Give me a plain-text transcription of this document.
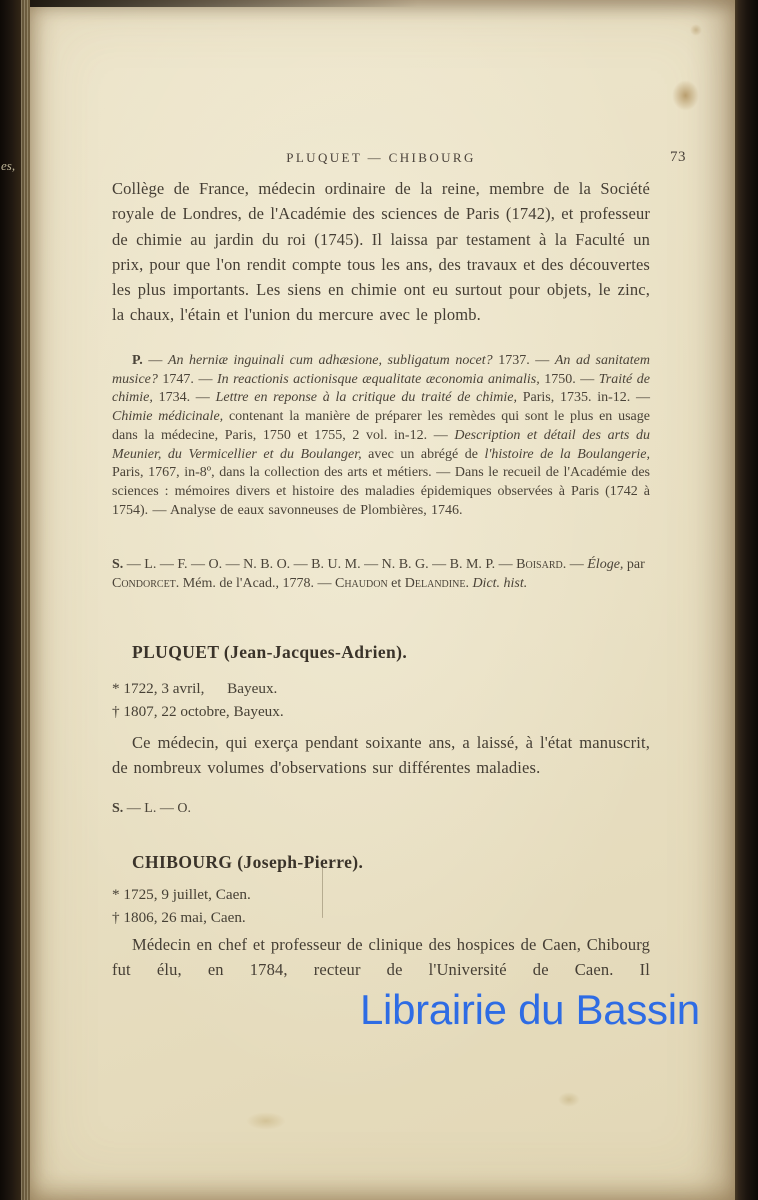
es,
PLUQUET — CHIBOURG	73

Collège de France, médecin ordinaire de la reine, membre de la Société royale de Londres, de l'Académie des sciences de Paris (1742), et professeur de chimie au jardin du roi (1745). Il laissa par testament à la Faculté un prix, pour que l'on rendit compte tous les ans, des travaux et des découvertes les plus importants. Les siens en chimie ont eu surtout pour objets, le zinc, la chaux, l'étain et l'union du mercure avec le plomb.

P. — An herniæ inguinali cum adhæsione, subligatum nocet? 1737. — An ad sanitatem musice? 1747. — In reactionis actionisque æqualitate æconomia animalis, 1750. — Traité de chimie, 1734. — Lettre en reponse à la critique du traité de chimie, Paris, 1735. in-12. — Chimie médicinale, contenant la manière de préparer les remèdes qui sont le plus en usage dans la médecine, Paris, 1750 et 1755, 2 vol. in-12. — Description et détail des arts du Meunier, du Vermicellier et du Boulanger, avec un abrégé de l'histoire de la Boulangerie, Paris, 1767, in-8º, dans la collection des arts et métiers. — Dans le recueil de l'Académie des sciences : mémoires divers et histoire des maladies épidemiques observées à Paris (1742 à 1754). — Analyse de eaux savonneuses de Plombières, 1746.

S. — L. — F. — O. — N. B. O. — B. U. M. — N. B. G. — B. M. P. — Boisard. — Éloge, par Condorcet. Mém. de l'Acad., 1778. — Chaudon et Delandine. Dict. hist.

PLUQUET (Jean-Jacques-Adrien).
* 1722, 3 avril,      Bayeux.
† 1807, 22 octobre, Bayeux.

Ce médecin, qui exerça pendant soixante ans, a laissé, à l'état manuscrit, de nombreux volumes d'observations sur différentes maladies.

S. — L. — O.

CHIBOURG (Joseph-Pierre).
* 1725, 9 juillet, Caen.
† 1806, 26 mai, Caen.

Médecin en chef et professeur de clinique des hospices de Caen, Chibourg fut élu, en 1784, recteur de l'Université de Caen. Il

Librairie du Bassin
